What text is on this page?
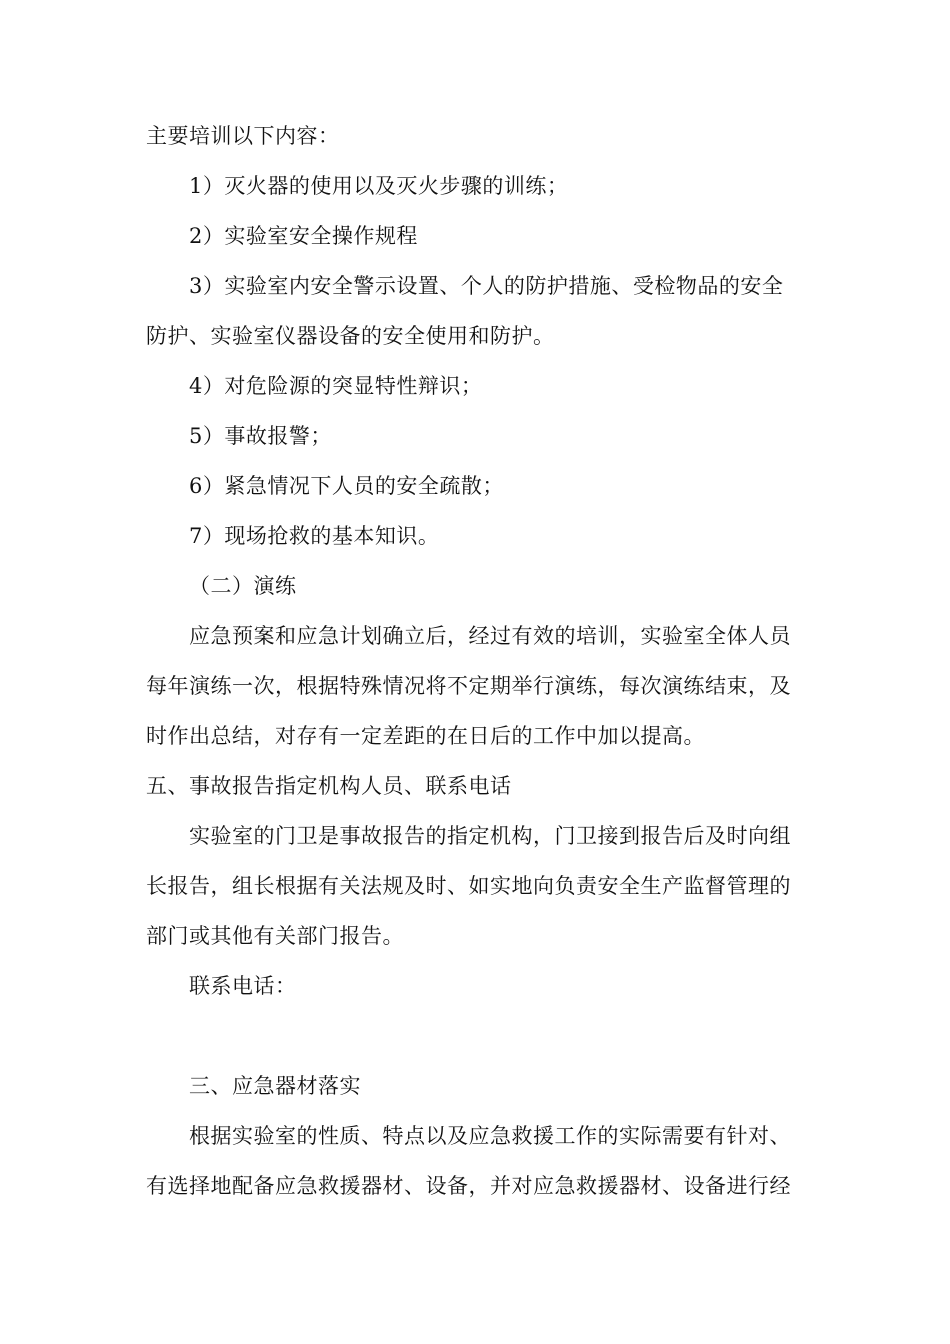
主要培训以下内容：
1）灭火器的使用以及灭火步骤的训练；
2）实验室安全操作规程
3）实验室内安全警示设置、个人的防护措施、受检物品的安全
防护、实验室仪器设备的安全使用和防护。
4）对危险源的突显特性辩识；
5）事故报警；
6）紧急情况下人员的安全疏散；
7）现场抢救的基本知识。
（二）演练
应急预案和应急计划确立后，经过有效的培训，实验室全体人员
每年演练一次，根据特殊情况将不定期举行演练，每次演练结束，及
时作出总结，对存有一定差距的在日后的工作中加以提高。
五、事故报告指定机构人员、联系电话
实验室的门卫是事故报告的指定机构，门卫接到报告后及时向组
长报告，组长根据有关法规及时、如实地向负责安全生产监督管理的
部门或其他有关部门报告。
联系电话：
三、应急器材落实
根据实验室的性质、特点以及应急救援工作的实际需要有针对、
有选择地配备应急救援器材、设备，并对应急救援器材、设备进行经
